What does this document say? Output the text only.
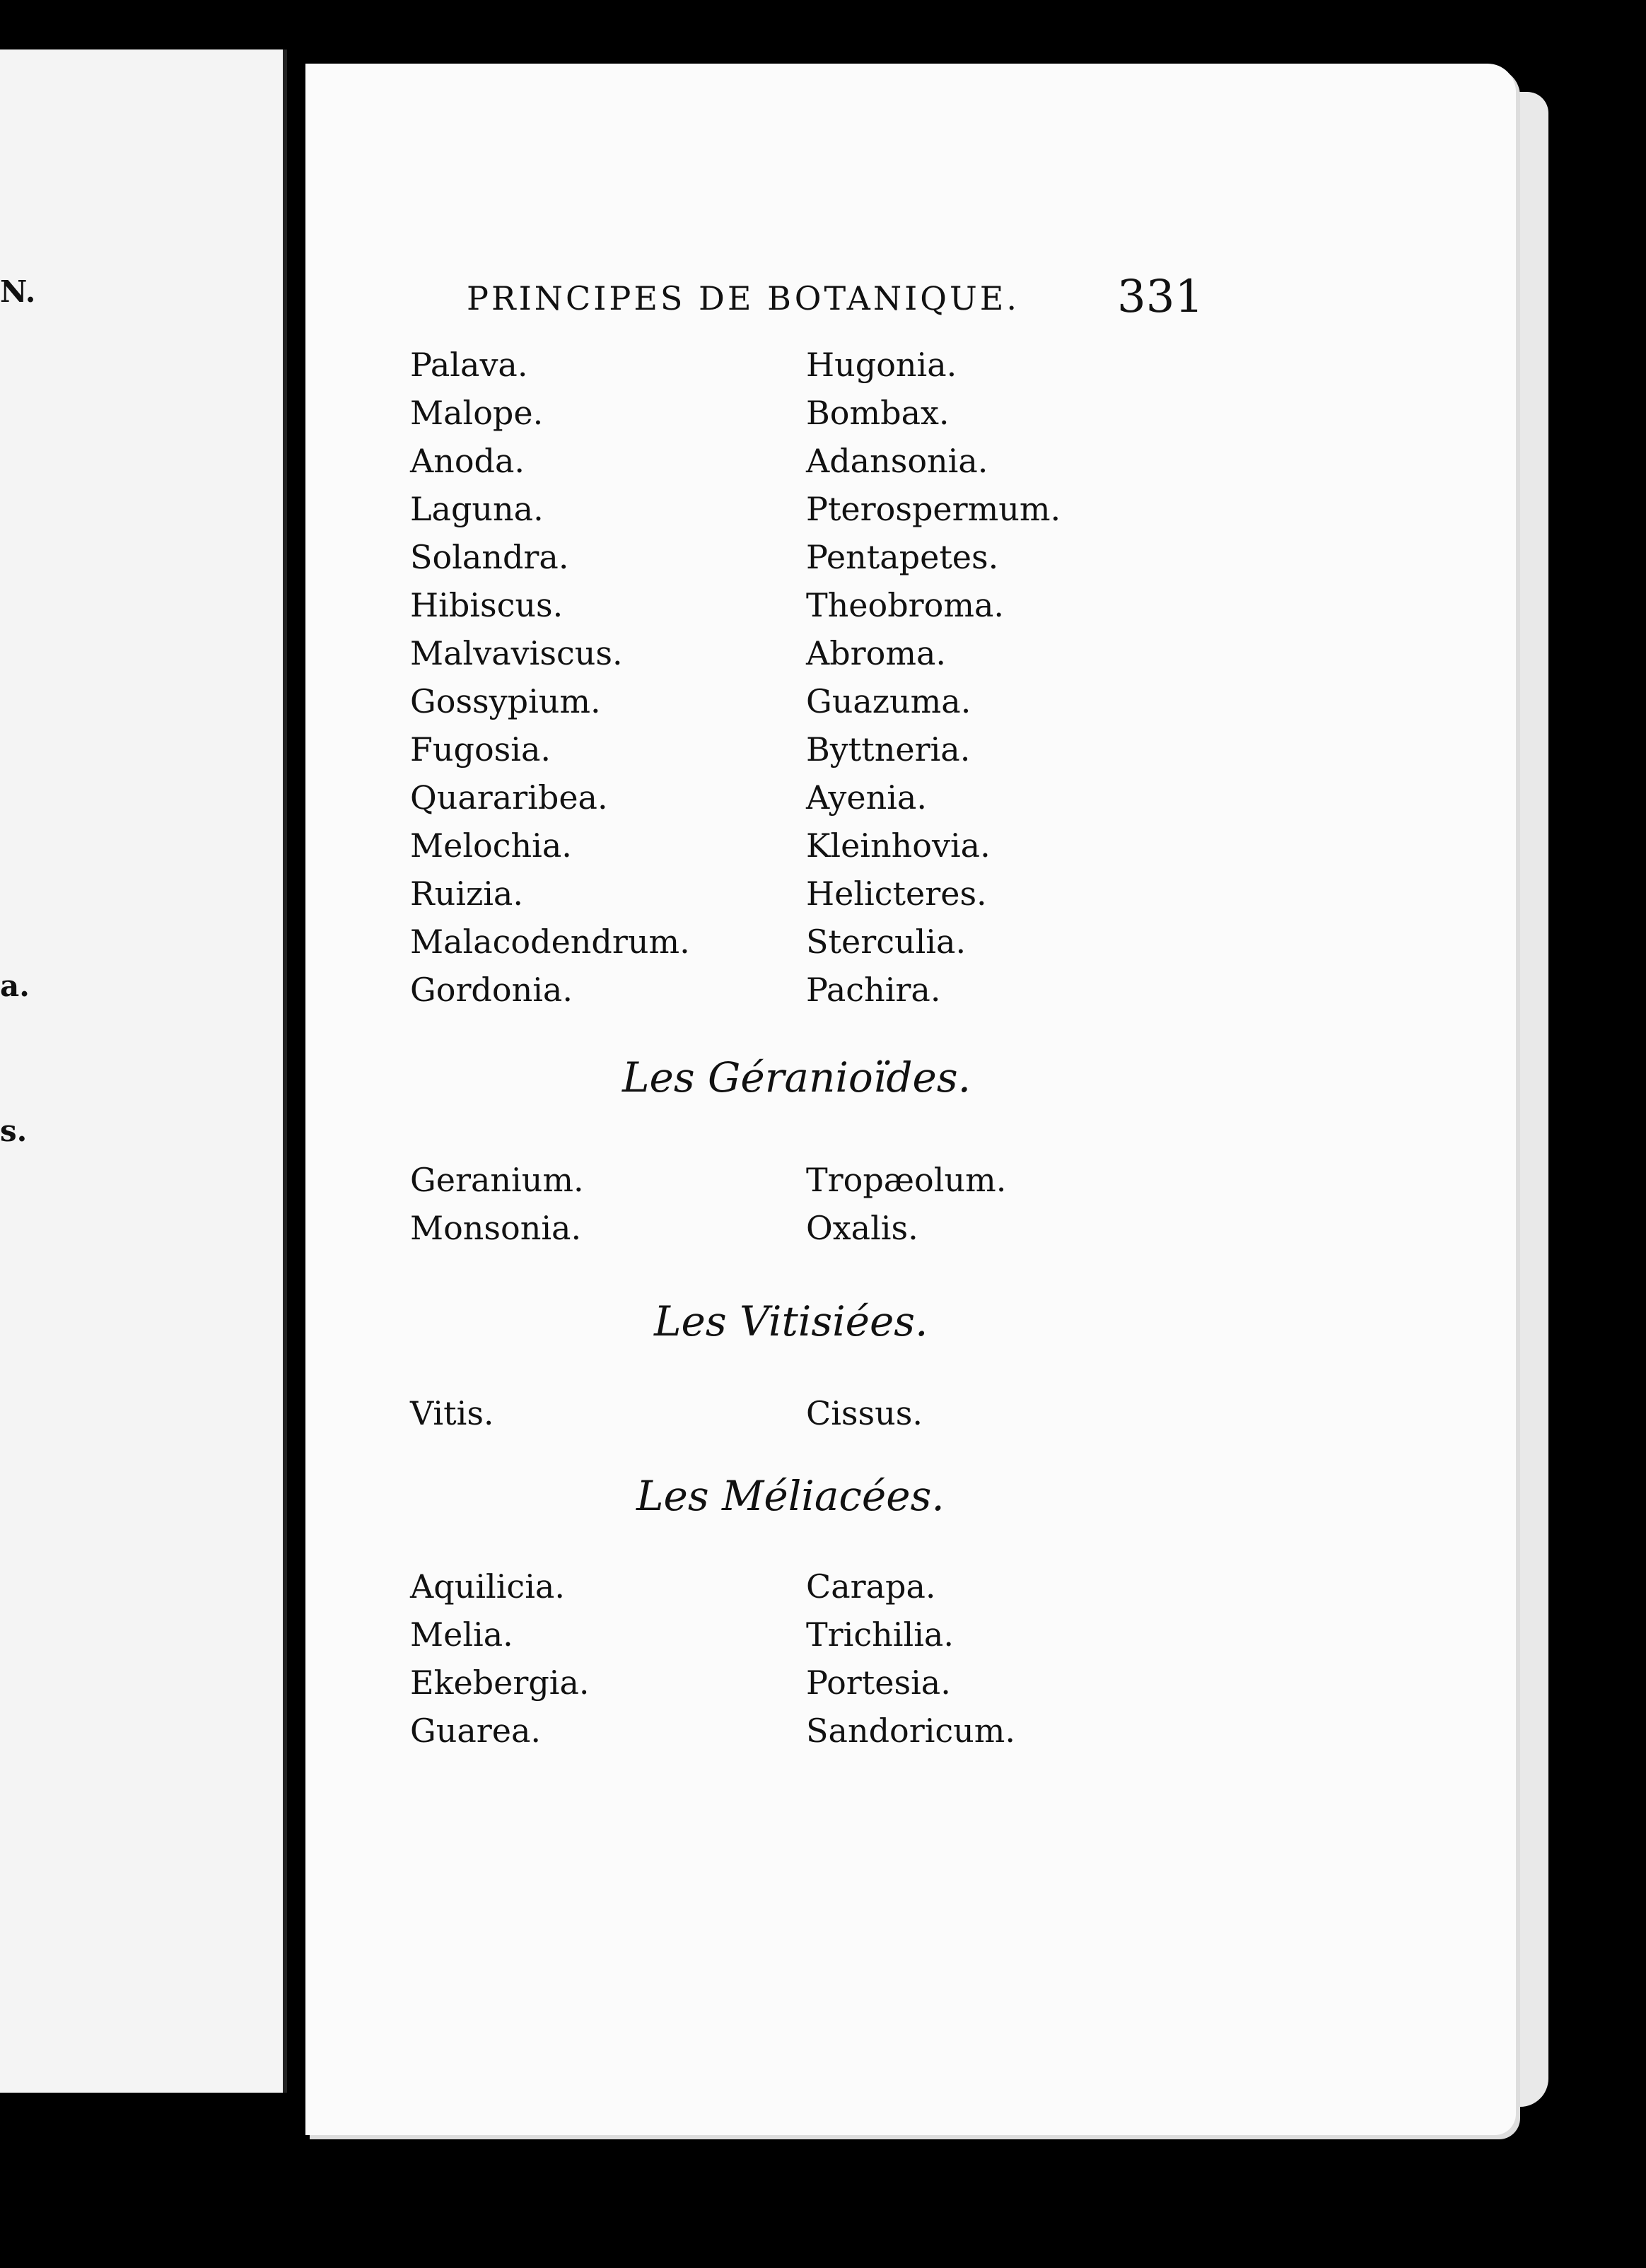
N.
a.
s.
PRINCIPES DE BOTANIQUE. 331
Palava.
Malope.
Anoda.
Laguna.
Solandra.
Hibiscus.
Malvaviscus.
Gossypium.
Fugosia.
Quararibea.
Melochia.
Ruizia.
Malacodendrum.
Gordonia.
Hugonia.
Bombax.
Adansonia.
Pterospermum.
Pentapetes.
Theobroma.
Abroma.
Guazuma.
Byttneria.
Ayenia.
Kleinhovia.
Helicteres.
Sterculia.
Pachira.
Les Géranioïdes.
Geranium.
Monsonia.
Tropæolum.
Oxalis.
Les Vitisiées.
Vitis.	Cissus.
Les Méliacées.
Aquilicia.
Melia.
Ekebergia.
Guarea.
Carapa.
Trichilia.
Portesia.
Sandoricum.
